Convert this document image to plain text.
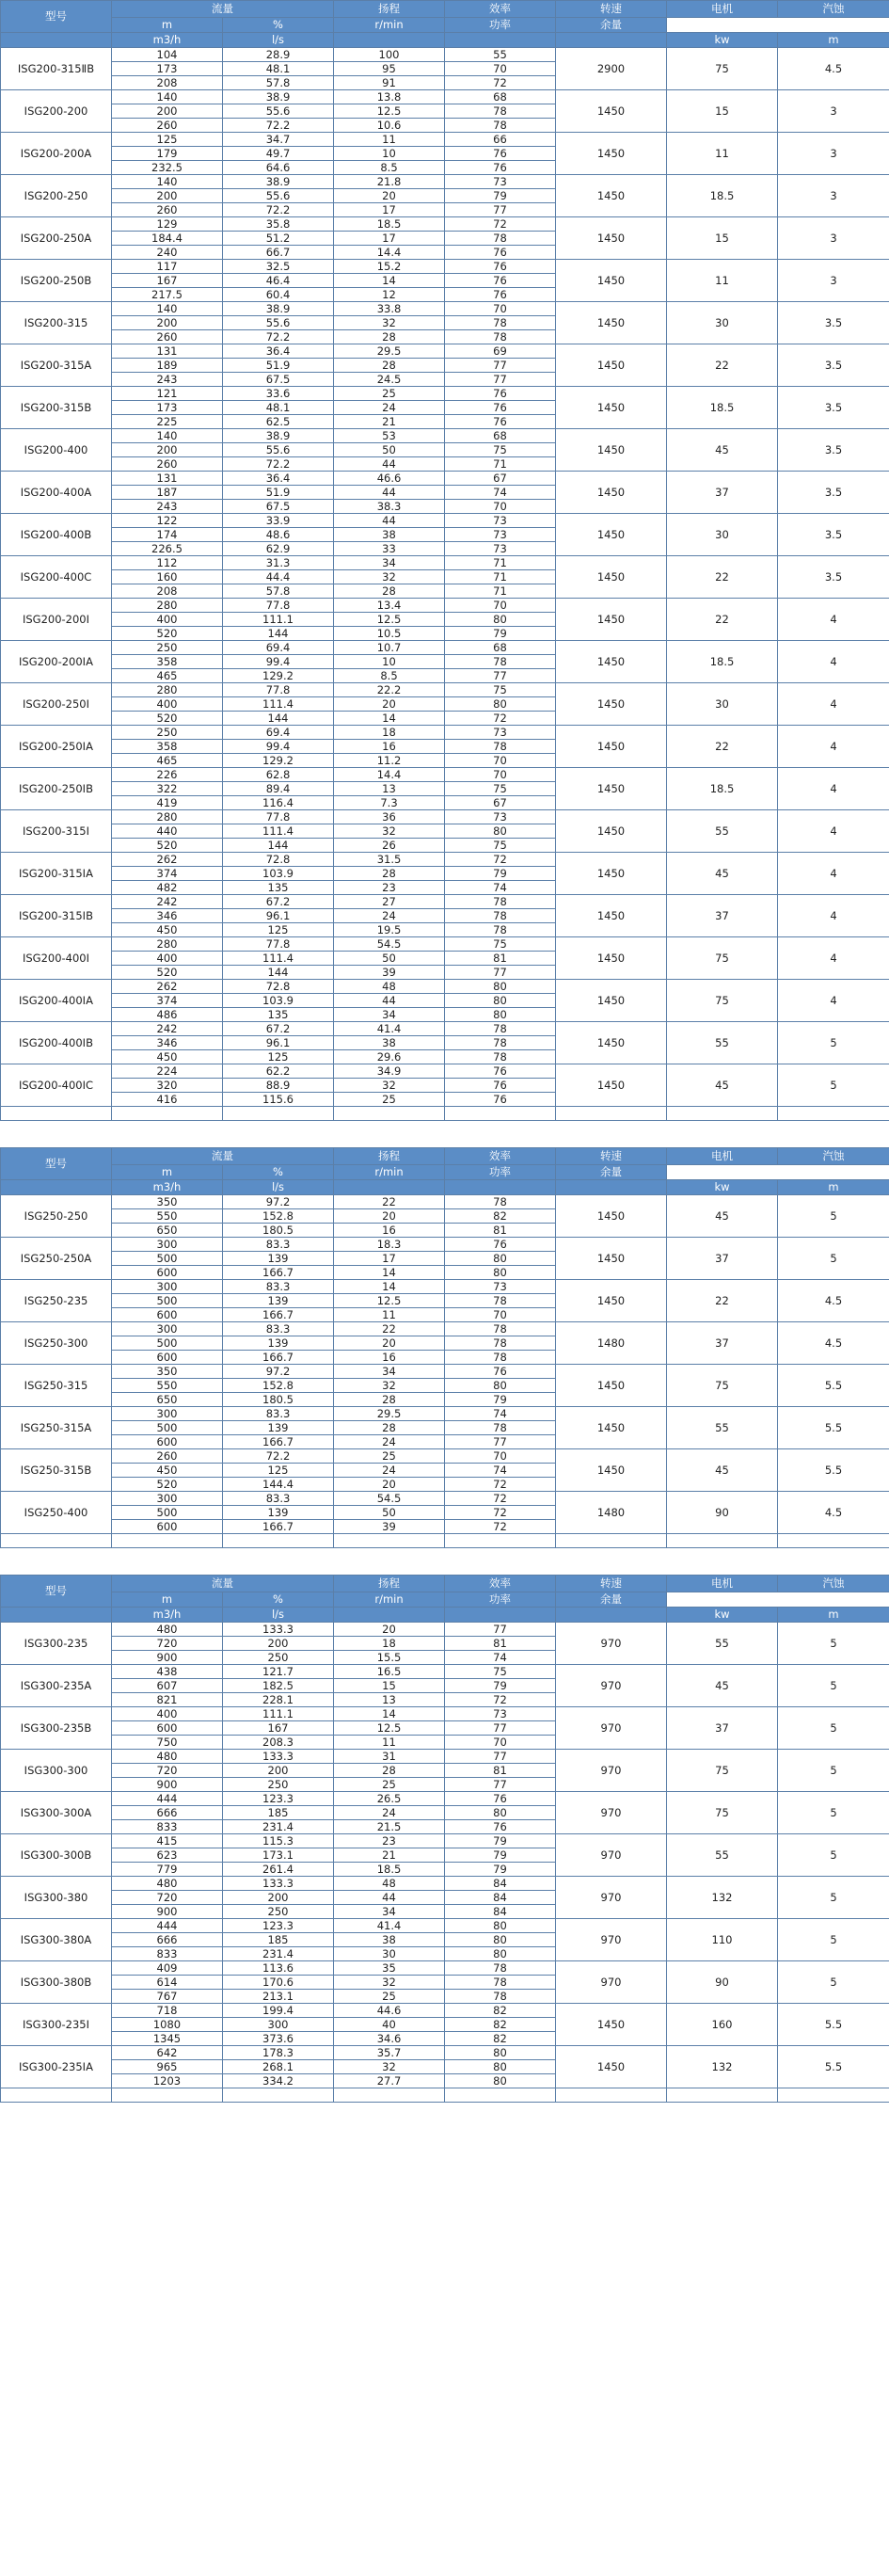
型号	流量		扬程	效率	转速	电机	汽蚀
	m	%	r/min	功率	余量		
	m3/h	l/s				kw	m
ISG200-315ⅡB	104	28.9	100	55	2900	75	4.5
	173	48.1	95	70			
	208	57.8	91	72			
ISG200-200	140	38.9	13.8	68	1450	15	3
	200	55.6	12.5	78			
	260	72.2	10.6	78			
ISG200-200A	125	34.7	11	66	1450	11	3
	179	49.7	10	76			
	232.5	64.6	8.5	76			
ISG200-250	140	38.9	21.8	73	1450	18.5	3
	200	55.6	20	79			
	260	72.2	17	77			
ISG200-250A	129	35.8	18.5	72	1450	15	3
	184.4	51.2	17	78			
	240	66.7	14.4	76			
ISG200-250B	117	32.5	15.2	76	1450	11	3
	167	46.4	14	76			
	217.5	60.4	12	76			
ISG200-315	140	38.9	33.8	70	1450	30	3.5
	200	55.6	32	78			
	260	72.2	28	78			
ISG200-315A	131	36.4	29.5	69	1450	22	3.5
	189	51.9	28	77			
	243	67.5	24.5	77			
ISG200-315B	121	33.6	25	76	1450	18.5	3.5
	173	48.1	24	76			
	225	62.5	21	76			
ISG200-400	140	38.9	53	68	1450	45	3.5
	200	55.6	50	75			
	260	72.2	44	71			
ISG200-400A	131	36.4	46.6	67	1450	37	3.5
	187	51.9	44	74			
	243	67.5	38.3	70			
ISG200-400B	122	33.9	44	73	1450	30	3.5
	174	48.6	38	73			
	226.5	62.9	33	73			
ISG200-400C	112	31.3	34	71	1450	22	3.5
	160	44.4	32	71			
	208	57.8	28	71			
ISG200-200Ⅰ	280	77.8	13.4	70	1450	22	4
	400	111.1	12.5	80			
	520	144	10.5	79			
ISG200-200ⅠA	250	69.4	10.7	68	1450	18.5	4
	358	99.4	10	78			
	465	129.2	8.5	77			
ISG200-250Ⅰ	280	77.8	22.2	75	1450	30	4
	400	111.4	20	80			
	520	144	14	72			
ISG200-250ⅠA	250	69.4	18	73	1450	22	4
	358	99.4	16	78			
	465	129.2	11.2	70			
ISG200-250ⅠB	226	62.8	14.4	70	1450	18.5	4
	322	89.4	13	75			
	419	116.4	7.3	67			
ISG200-315Ⅰ	280	77.8	36	73	1450	55	4
	440	111.4	32	80			
	520	144	26	75			
ISG200-315ⅠA	262	72.8	31.5	72	1450	45	4
	374	103.9	28	79			
	482	135	23	74			
ISG200-315ⅠB	242	67.2	27	78	1450	37	4
	346	96.1	24	78			
	450	125	19.5	78			
ISG200-400Ⅰ	280	77.8	54.5	75	1450	75	4
	400	111.4	50	81			
	520	144	39	77			
ISG200-400ⅠA	262	72.8	48	80	1450	75	4
	374	103.9	44	80			
	486	135	34	80			
ISG200-400ⅠB	242	67.2	41.4	78	1450	55	5
	346	96.1	38	78			
	450	125	29.6	78			
ISG200-400ⅠC	224	62.2	34.9	76	1450	45	5
	320	88.9	32	76			
	416	115.6	25	76			

型号	流量		扬程	效率	转速	电机	汽蚀
	m	%	r/min	功率	余量		
	m3/h	l/s				kw	m
ISG250-250	350	97.2	22	78	1450	45	5
	550	152.8	20	82			
	650	180.5	16	81			
ISG250-250A	300	83.3	18.3	76	1450	37	5
	500	139	17	80			
	600	166.7	14	80			
ISG250-235	300	83.3	14	73	1450	22	4.5
	500	139	12.5	78			
	600	166.7	11	70			
ISG250-300	300	83.3	22	78	1480	37	4.5
	500	139	20	78			
	600	166.7	16	78			
ISG250-315	350	97.2	34	76	1450	75	5.5
	550	152.8	32	80			
	650	180.5	28	79			
ISG250-315A	300	83.3	29.5	74	1450	55	5.5
	500	139	28	78			
	600	166.7	24	77			
ISG250-315B	260	72.2	25	70	1450	45	5.5
	450	125	24	74			
	520	144.4	20	72			
ISG250-400	300	83.3	54.5	72	1480	90	4.5
	500	139	50	72			
	600	166.7	39	72			

型号	流量		扬程	效率	转速	电机	汽蚀
	m	%	r/min	功率	余量		
	m3/h	l/s				kw	m
ISG300-235	480	133.3	20	77	970	55	5
	720	200	18	81			
	900	250	15.5	74			
ISG300-235A	438	121.7	16.5	75	970	45	5
	607	182.5	15	79			
	821	228.1	13	72			
ISG300-235B	400	111.1	14	73	970	37	5
	600	167	12.5	77			
	750	208.3	11	70			
ISG300-300	480	133.3	31	77	970	75	5
	720	200	28	81			
	900	250	25	77			
ISG300-300A	444	123.3	26.5	76	970	75	5
	666	185	24	80			
	833	231.4	21.5	76			
ISG300-300B	415	115.3	23	79	970	55	5
	623	173.1	21	79			
	779	261.4	18.5	79			
ISG300-380	480	133.3	48	84	970	132	5
	720	200	44	84			
	900	250	34	84			
ISG300-380A	444	123.3	41.4	80	970	110	5
	666	185	38	80			
	833	231.4	30	80			
ISG300-380B	409	113.6	35	78	970	90	5
	614	170.6	32	78			
	767	213.1	25	78			
ISG300-235Ⅰ	718	199.4	44.6	82	1450	160	5.5
	1080	300	40	82			
	1345	373.6	34.6	82			
ISG300-235ⅠA	642	178.3	35.7	80	1450	132	5.5
	965	268.1	32	80			
	1203	334.2	27.7	80			
